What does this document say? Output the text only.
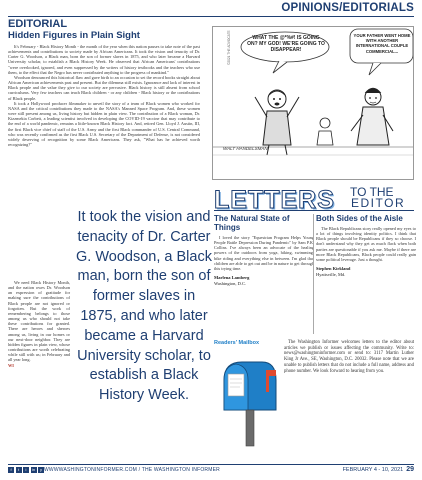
OPINIONS/EDITORIALS
EDITORIAL
Hidden Figures in Plain Sight

It's February - Black History Month - the month of the year when this nation pauses to take note of the past achievements and contributions to society made by African Americans. It took the vision and tenacity of Dr. Carter G. Woodson, a Black man, born the son of former slaves in 1875, and who later became a Harvard University scholar, to establish a Black History Week. He observed that African Americans' contributions "were overlooked, ignored, and even suppressed by the writers of history textbooks and the teachers who use them, to the effect that the Negro has never contributed anything to the progress of mankind."

Woodson denounced this historical flaw and gave birth to an occasion to set the record books straight about African American achievements past and present. But the dilemma still exists. Ignorance and lack of interest in Black people and the value they give to our society are pervasive. Black history is still absent from school curriculums. Very few teachers can teach Black children - or any children - Black history or the contributions of Black people.

It took a Hollywood producer filmmaker to unveil the story of a team of Black women who worked for NASA and the critical contributions they made to the NASA's Manned Space Program. And, these women were still present among us, living history but hidden in plain view. The contribution of a Black woman, Dr. Kizzmekia Corbett, a leading scientist involved in developing the COVID-19 vaccine that may contribute to the end of a world pandemic, remains a little-known Black History fact. And, retired Gen. Lloyd J. Austin, III, the first Black vice chief of staff of the U.S. Army and the first Black commander of U.S. Central Command, who was recently confirmed as the first Black U.S. Secretary of the Department of Defense, is not considered widely deserving of recognition by some Black Americans. They ask, "What has he achieved worth recognizing?"

We need Black History Month, and the nation owes Dr. Woodson an expression of gratitude for making sure the contributions of Black people are not ignored or forgotten. But the work of remembering belongs to those among us who should not take these contributions for granted. There are heroes and sheroes among us, living in our homes or our next-door neighbor. They are hidden figures in plain view, whose contributions are worth celebrating while still with us; in February and all year long.

WI
It took the vision and tenacity of Dr. Carter G. Woodson, a Black man, born the son of former slaves in 1875, and who later became a Harvard University scholar, to establish a Black History Week.
WHAT THE @*%#! IS GOING ON? MY GOD! WE'RE GOING TO DISAPPEAR!
YOUR FATHER WENT HOME WITH ANOTHER INTERNATIONAL COUPLE COMMERCIAL...
WALT HANDELSMAN
©2021 THE ADVOCATE
LETTERS TO THE
EDITOR
The Natural State of Things

I loved the story "Equestrian Program Helps Young People Battle Depression During Pandemic" by Sam P.K. Collins. I've always been an advocate of the healing powers of the outdoors from yoga, hiking, swimming, bike riding and everything else in between. I'm glad that children are able to get out and be in nature to get through this trying time.

Marlena Lamberg
Washington, D.C.
Both Sides of the Aisle

The Black Republicans story really opened my eyes to a lot of things involving identity politics. I think that Black people should be Republicans if they so choose. I don't understand why they get as much flack when both parties are questionable if you ask me. Maybe if there are more Black Republicans, Black people could really gain some political leverage. Just a thought.

Stephen Kirkland
Hyattsville, Md.
Readers' Mailbox	The Washington Informer welcomes letters to the editor about articles we publish or issues affecting the community. Write to: news@washingtoninformer.com or send to: 3117 Martin Luther King Jr Ave., SE, Washington, D.C. 20032. Please note that we are unable to publish letters that do not include a full name, address and phone number. We look forward to hearing from you.

f	t	i	in	y WWWWASHINGTONINFORMER.COM / THE WASHINGTON INFORMER	FEBRUARY 4 - 10, 2021 29
